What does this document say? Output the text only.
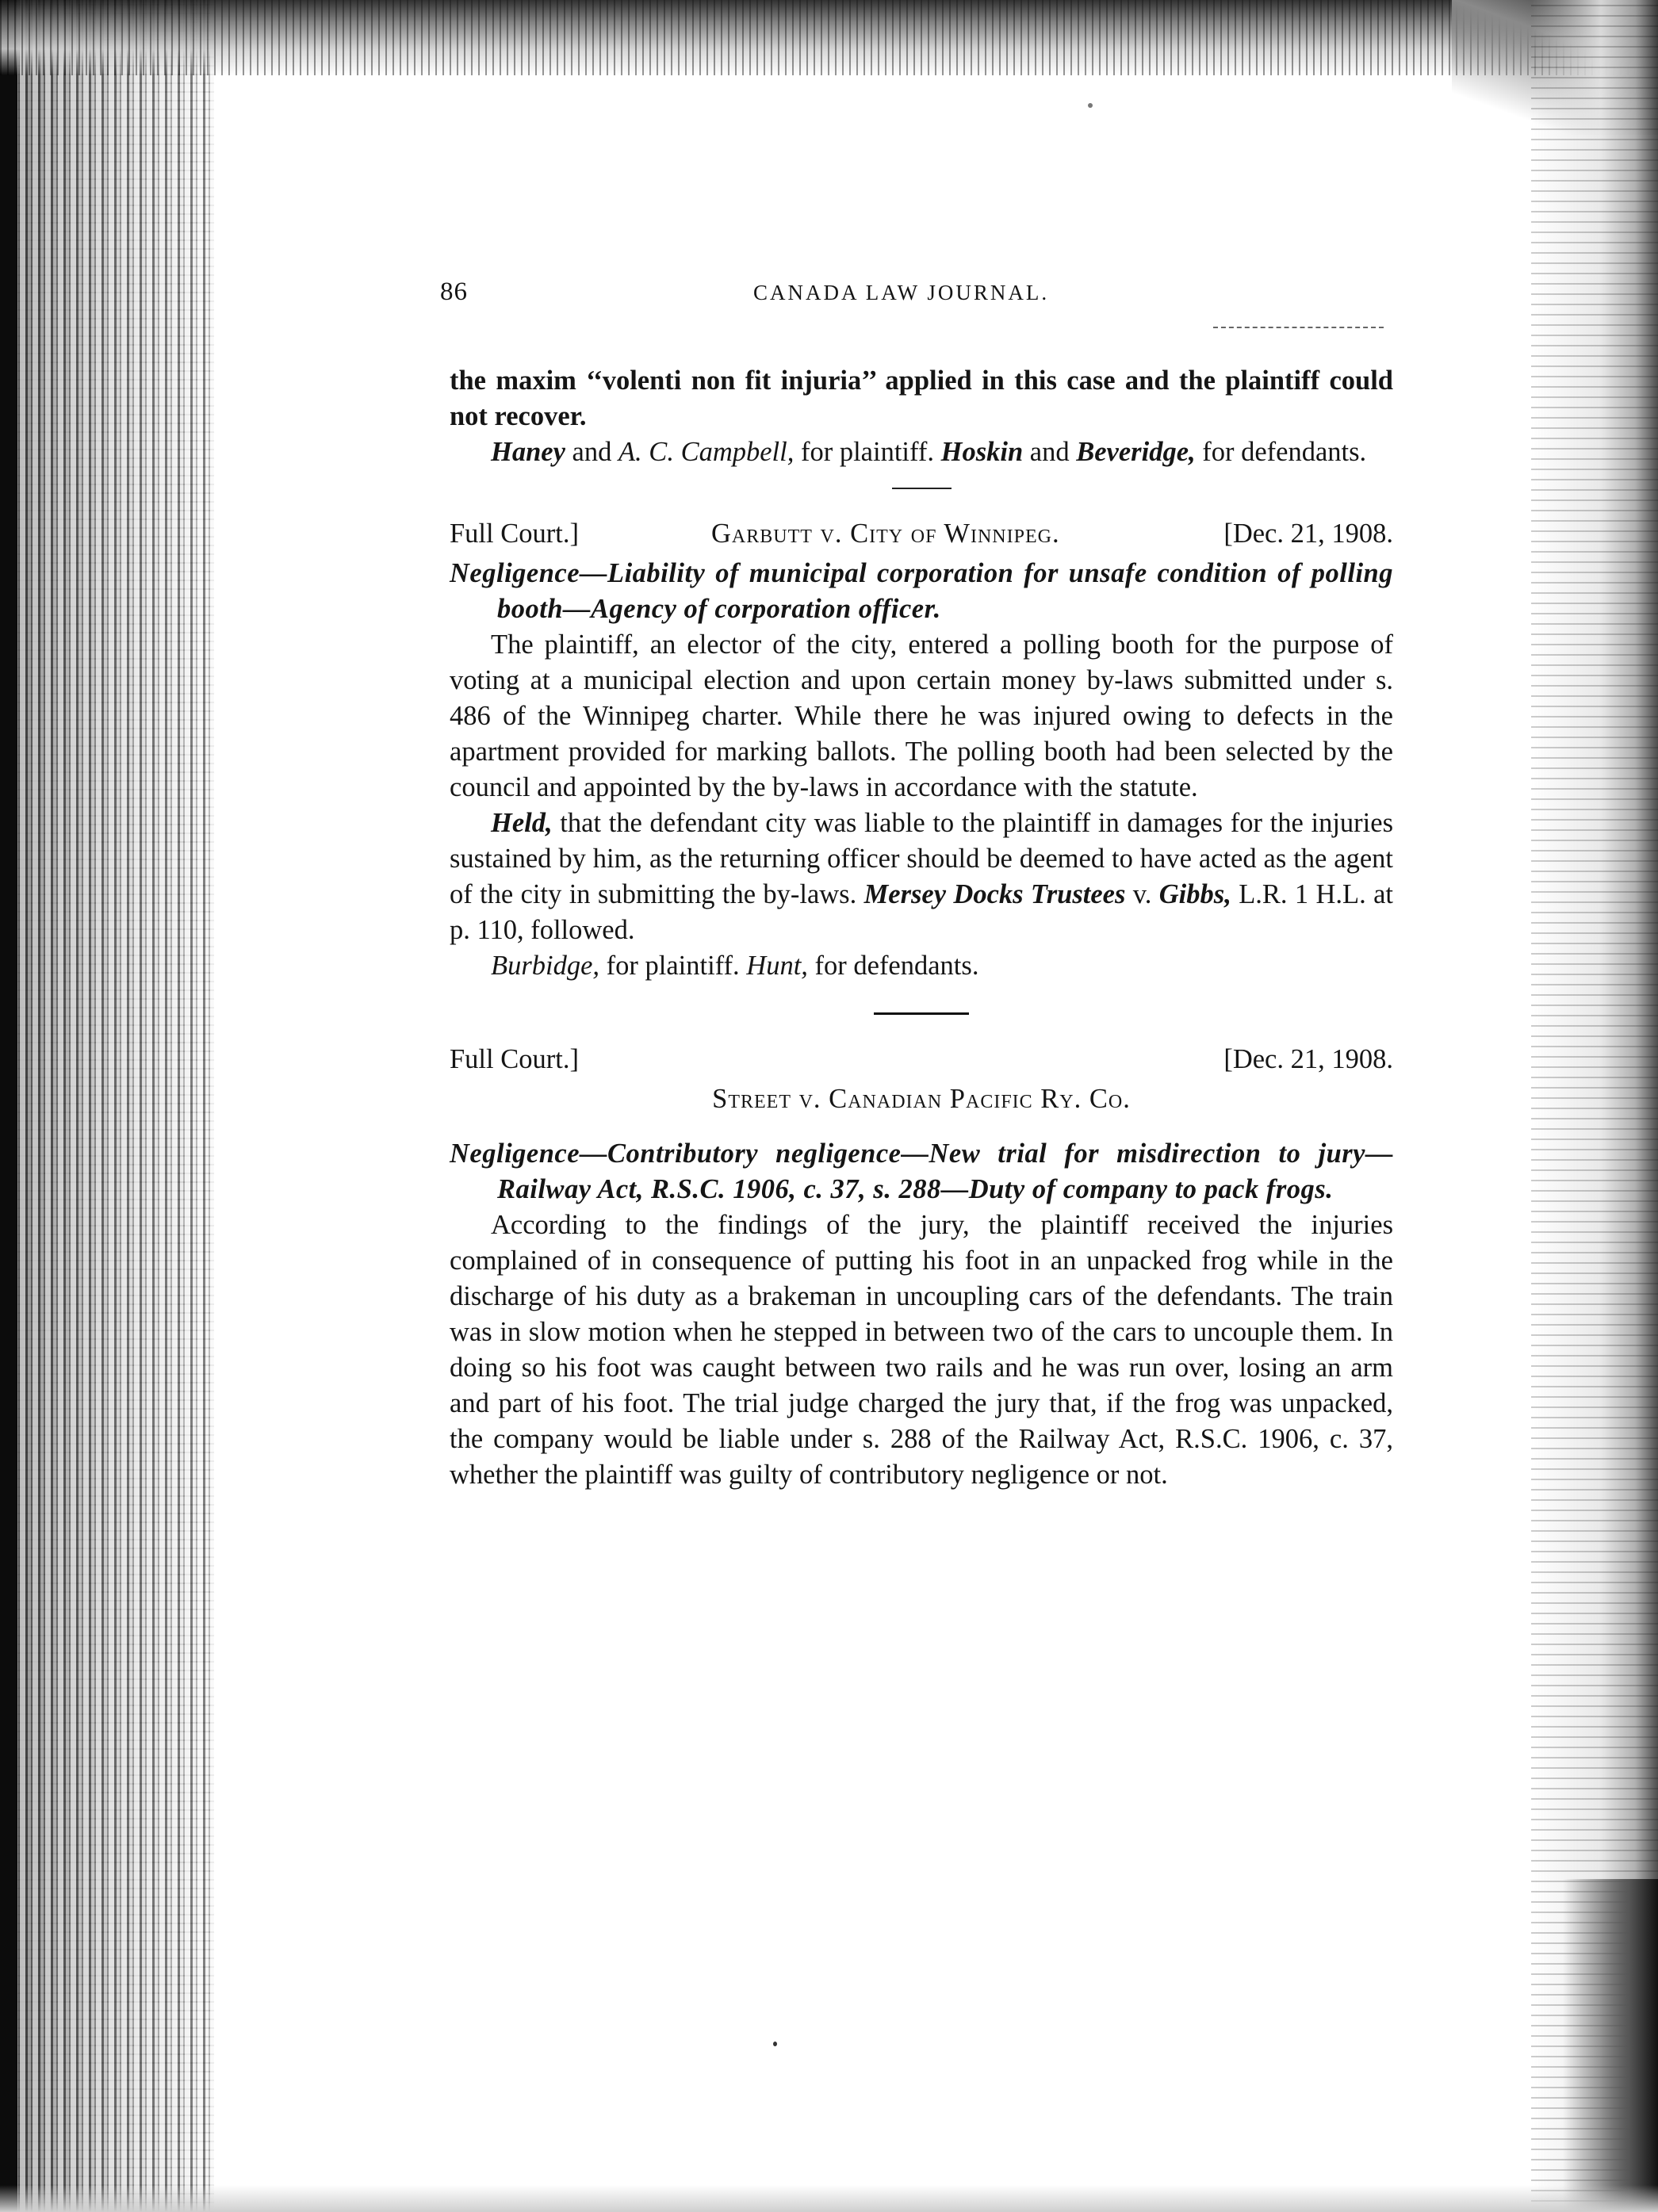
86	CANADA LAW JOURNAL.

the maxim ‘‘volenti non fit injuria’’ applied in this case and the plaintiff could not recover.

Haney and A. C. Campbell, for plaintiff. Hoskin and Beveridge, for defendants.

Full Court.]	Garbutt v. City of Winnipeg.	[Dec. 21, 1908.

Negligence—Liability of municipal corporation for unsafe condition of polling booth—Agency of corporation officer.

The plaintiff, an elector of the city, entered a polling booth for the purpose of voting at a municipal election and upon certain money by-laws submitted under s. 486 of the Winnipeg charter. While there he was injured owing to defects in the apartment provided for marking ballots. The polling booth had been selected by the council and appointed by the by-laws in accordance with the statute.

Held, that the defendant city was liable to the plaintiff in damages for the injuries sustained by him, as the returning officer should be deemed to have acted as the agent of the city in submitting the by-laws. Mersey Docks Trustees v. Gibbs, L.R. 1 H.L. at p. 110, followed.

Burbidge, for plaintiff. Hunt, for defendants.

Full Court.]	[Dec. 21, 1908.

Street v. Canadian Pacific Ry. Co.

Negligence—Contributory negligence—New trial for misdirection to jury—Railway Act, R.S.C. 1906, c. 37, s. 288—Duty of company to pack frogs.

According to the findings of the jury, the plaintiff received the injuries complained of in consequence of putting his foot in an unpacked frog while in the discharge of his duty as a brakeman in uncoupling cars of the defendants. The train was in slow motion when he stepped in between two of the cars to uncouple them. In doing so his foot was caught between two rails and he was run over, losing an arm and part of his foot. The trial judge charged the jury that, if the frog was unpacked, the company would be liable under s. 288 of the Railway Act, R.S.C. 1906, c. 37, whether the plaintiff was guilty of contributory negligence or not.
